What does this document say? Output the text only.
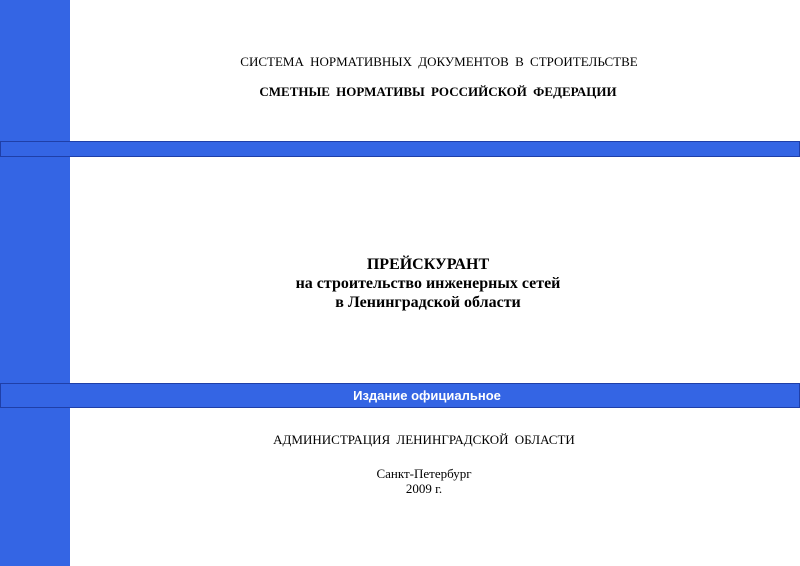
СИСТЕМА НОРМАТИВНЫХ ДОКУМЕНТОВ В СТРОИТЕЛЬСТВЕ
СМЕТНЫЕ НОРМАТИВЫ РОССИЙСКОЙ ФЕДЕРАЦИИ
ПРЕЙСКУРАНТ
на строительство инженерных сетей
в Ленинградской области
Издание официальное
АДМИНИСТРАЦИЯ ЛЕНИНГРАДСКОЙ ОБЛАСТИ
Санкт-Петербург
2009 г.
